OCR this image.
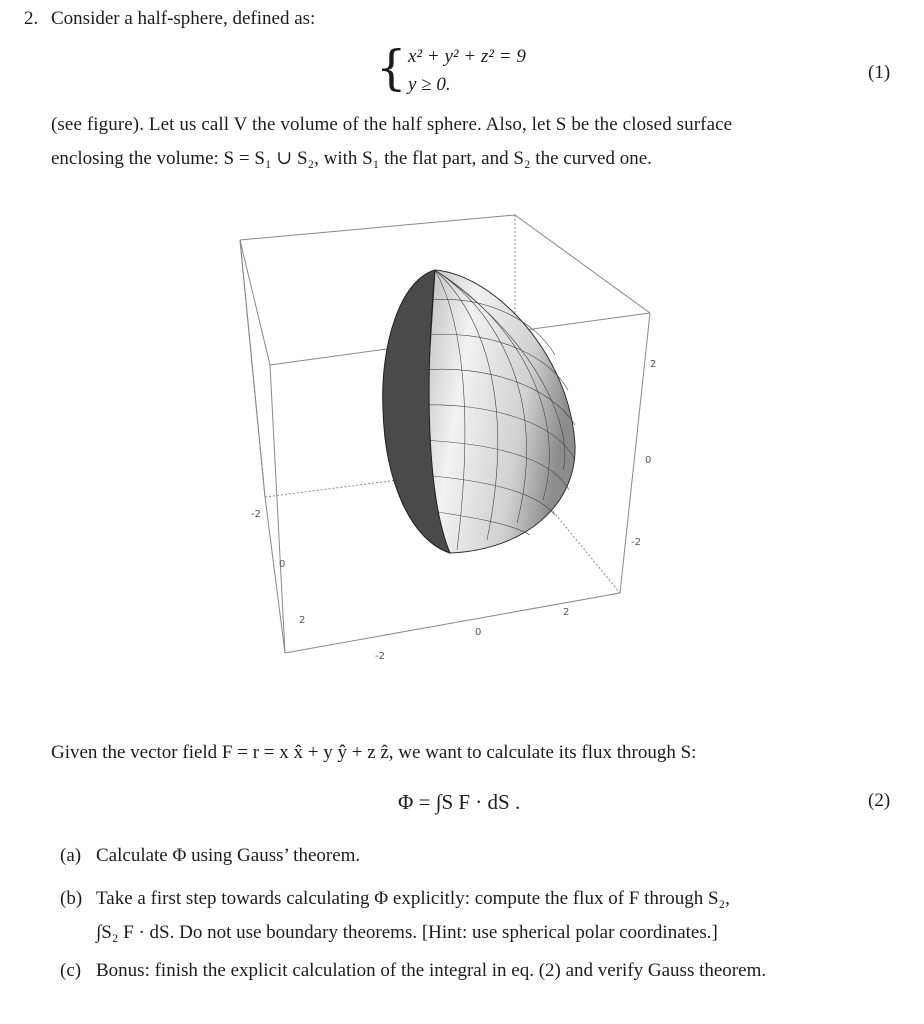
2. Consider a half-sphere, defined as:
{ x² + y² + z² = 9
y ≥ 0.
(1)
(see figure). Let us call V the volume of the half sphere. Also, let S be the closed surface
enclosing the volume: S = S₁ ∪ S₂, with S₁ the flat part, and S₂ the curved one.
-2
0
2
-2
0
2
2
0
-2
Given the vector field F = r = x x̂ + y ŷ + z ẑ, we want to calculate its flux through S:
Φ = ∫S F · dS .	(2)
(a) Calculate Φ using Gauss’ theorem.
(b) Take a first step towards calculating Φ explicitly: compute the flux of F through S₂,
∫S₂ F · dS. Do not use boundary theorems. [Hint: use spherical polar coordinates.]
(c) Bonus: finish the explicit calculation of the integral in eq. (2) and verify Gauss theorem.
